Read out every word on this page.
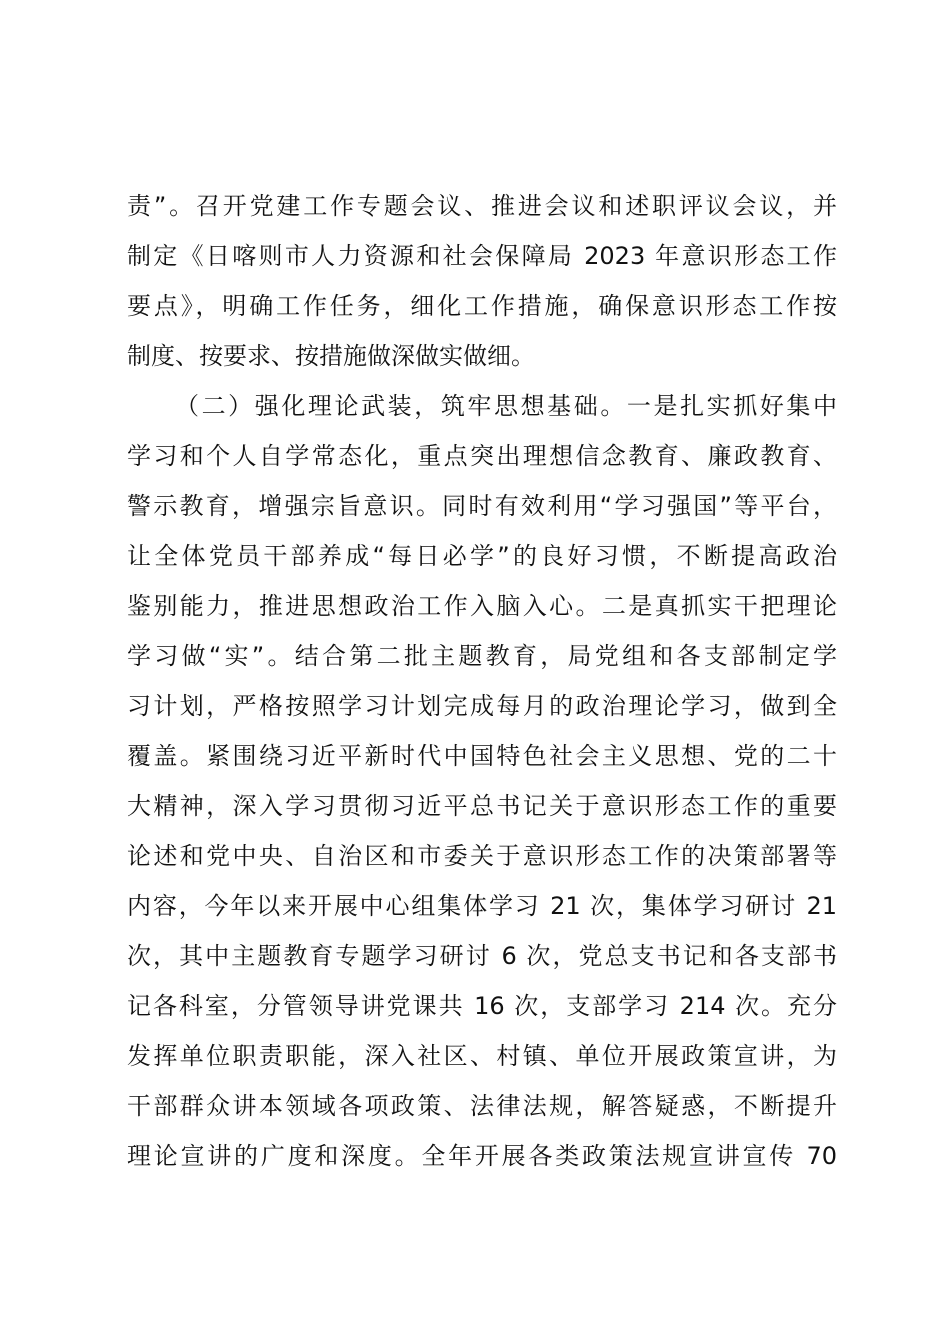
责”。召开党建工作专题会议、推进会议和述职评议会议，并
制定《日喀则市人力资源和社会保障局 2023 年意识形态工作
要点》，明确工作任务，细化工作措施，确保意识形态工作按
制度、按要求、按措施做深做实做细。
（二）强化理论武装，筑牢思想基础。一是扎实抓好集中
学习和个人自学常态化，重点突出理想信念教育、廉政教育、
警示教育，增强宗旨意识。同时有效利用“学习强国”等平台，
让全体党员干部养成“每日必学”的良好习惯，不断提高政治
鉴别能力，推进思想政治工作入脑入心。二是真抓实干把理论
学习做“实”。结合第二批主题教育，局党组和各支部制定学
习计划，严格按照学习计划完成每月的政治理论学习，做到全
覆盖。紧围绕习近平新时代中国特色社会主义思想、党的二十
大精神，深入学习贯彻习近平总书记关于意识形态工作的重要
论述和党中央、自治区和市委关于意识形态工作的决策部署等
内容，今年以来开展中心组集体学习 21 次，集体学习研讨 21
次，其中主题教育专题学习研讨 6 次，党总支书记和各支部书
记各科室，分管领导讲党课共 16 次，支部学习 214 次。充分
发挥单位职责职能，深入社区、村镇、单位开展政策宣讲，为
干部群众讲本领域各项政策、法律法规，解答疑惑，不断提升
理论宣讲的广度和深度。全年开展各类政策法规宣讲宣传 70
